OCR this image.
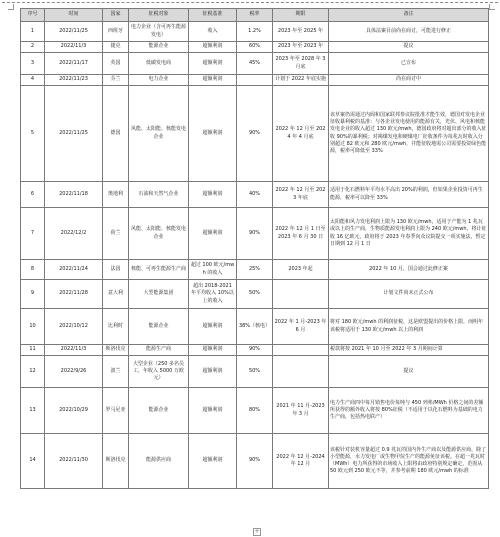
序号	时间	国家	征税对象	征税基准	税率	期限	备注
1	2022/11/25	西班牙	电力企业（含可再生能源发电）	收入	1.2%	2023 年至 2025 年	具体法案目前尚在商讨，可能进行修正
2	2022/11/3	捷克	能源企业	超额利润	60%	2023 年至 2023 年	提议
3	2022/11/17	英国	低碳发电商	超额利润	45%	2023 年至 2028 年 3 月底	已宣布
4	2022/11/23	芬兰	电力企业	超额利润		计划于 2022 年底实施	尚在商讨中
5	2022/11/25	德国	风能、太阳能、核能发电企业	超额利润	90%	2022 年 12 月至 2024 年 4 月底	该草案仍需通过内阁和国家联邦参议院批准才能生效，德国对发电企业征收暴利税的基准：与各企业发电使用的能源有关，光伏、风电和核能发电企业的收入超过 130 欧元/mwh，德国政府将对超出部分的收入征收 90%的暴利税；对褐煤发电和硬煤电厂征收条件为每兆瓦时收入分别超过 82 欧元和 280 欧元/mwh，并能征收地需公司需要投资绿色能源，税率可降低至 33%
6	2022/11/18	奥地利	石油和天然气企业	超额利润	40%	2022 年 12 月至 2023 年底	适用于化石燃料年平均水平高出 20%的利润，但如果企业投资可再生能源，税率可以降至 33%
7	2022/12/2	荷兰	风能、太阳能、核能发电企业	超额利润	90%	2022 年 12 月 1 日至 2023 年 6 月 30 日	太阳能和风力发电利润上限为 130 欧元/mwh，适用于产能为 1 兆瓦或以上的生产商，生物质能源发电利润上限为 240 欧元/mwh，将计征收 16 亿欧元，政府将于 2023 年春季向众议院提交一项实施法，暂定日期到 12 月 1 日
8	2022/11/24	法国	核能、可再生能源生产商	超过 100 欧元/mwh 的收入	25%	2023 年起	2022 年 10 月，国会通过此修正案
9	2022/11/28	意大利	大型能源集团	超出 2018-2021 年平均收入 10%以上的收入	50%		计划文件尚未正式公布
10	2022/10/12	比利时	能源企业	超额利润	38%（核电）	2022 年 1 月-2023 年 6 月	将对 180 欧元/mwh 的利润征税，这是欧盟提出的价格上限，而明年该税将适用于 130 欧元/mwh 以上的利润
11	2022/11/3	斯洛伐克	能源生产商	超额利润	90%		税款将按 2021 年 10 月至 2022 年 3 月期间计算
12	2022/9/26	波兰	大型企业（250 多名员工，年收入 5000 万欧元）	超额利润	50%		提议
13	2022/10/29	罗马尼亚	能源企业	超额利润	80%	2021 年 11 月-2023 年 3 月	电力生产商四中每月销售电价每吨与 450 列弗/MWh 价格之间的差额所获得的额外收入将按 80%征税（不适用于以化石燃料为基础的电力生产商，包括热电联产）
14	2022/11/30	斯洛伐克	能源供应商	超额利润	90%	2022 年 12 月-2024 年 12 月	该税针对装机容量超过 0.9 兆瓦的国内外生产商以及能源供应商，除了小型能源，水力发电厂或生物甲烷生产的能源免征该税。在超一兆瓦时（MWh）电力所获得的市场收入上限将由政府特别规定确定，范围从 50 欧元到 250 欧元不等，并参考前期 180 欧元/mwh 的标准
+
